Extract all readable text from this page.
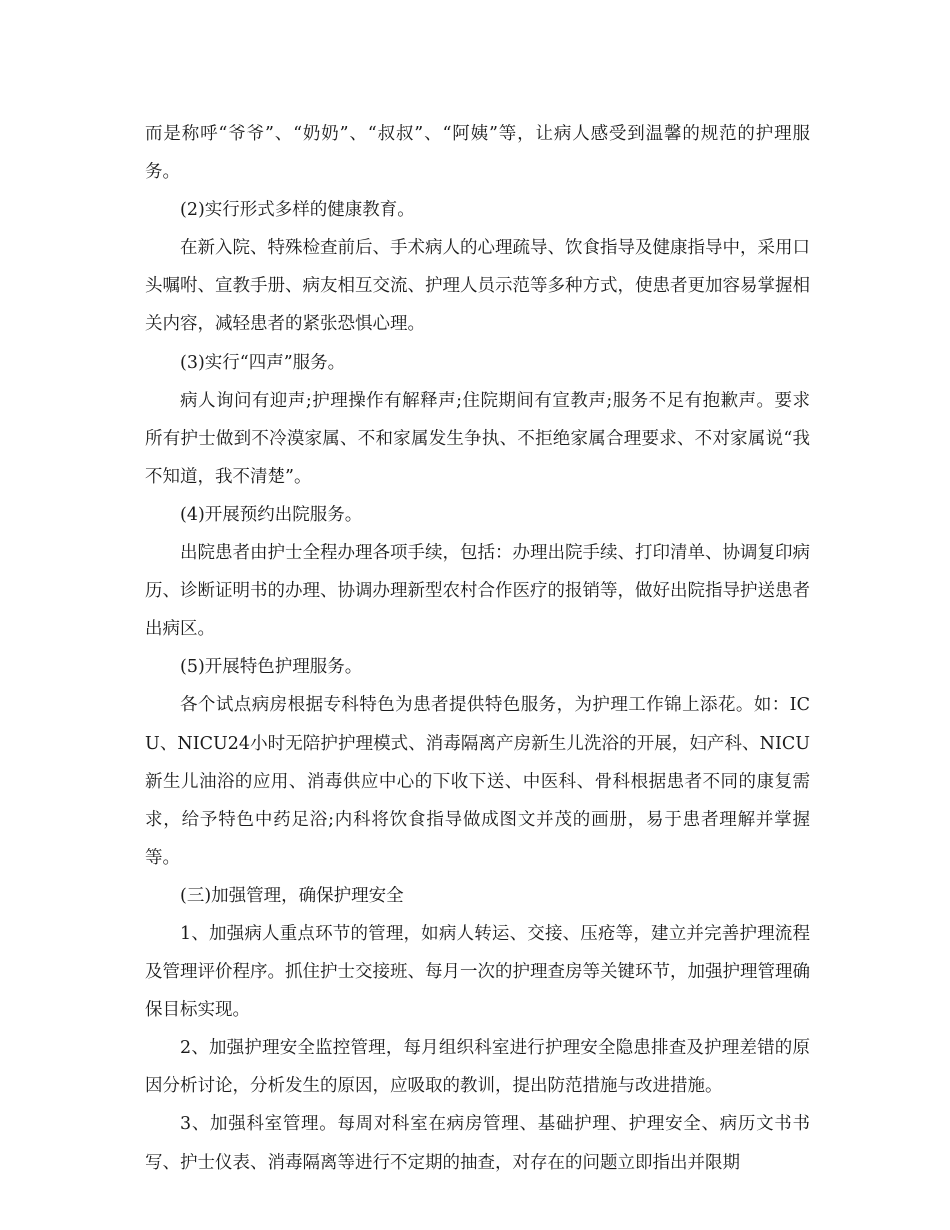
而是称呼“爷爷”、“奶奶”、“叔叔”、“阿姨”等，让病人感受到温馨的规范的护理服务。

(2)实行形式多样的健康教育。

在新入院、特殊检查前后、手术病人的心理疏导、饮食指导及健康指导中，采用口头嘱咐、宣教手册、病友相互交流、护理人员示范等多种方式，使患者更加容易掌握相关内容，减轻患者的紧张恐惧心理。

(3)实行“四声”服务。

病人询问有迎声;护理操作有解释声;住院期间有宣教声;服务不足有抱歉声。要求所有护士做到不冷漠家属、不和家属发生争执、不拒绝家属合理要求、不对家属说“我不知道，我不清楚”。

(4)开展预约出院服务。

出院患者由护士全程办理各项手续，包括：办理出院手续、打印清单、协调复印病历、诊断证明书的办理、协调办理新型农村合作医疗的报销等，做好出院指导护送患者出病区。

(5)开展特色护理服务。

各个试点病房根据专科特色为患者提供特色服务，为护理工作锦上添花。如：ICU、NICU24小时无陪护护理模式、消毒隔离产房新生儿洗浴的开展，妇产科、NICU新生儿油浴的应用、消毒供应中心的下收下送、中医科、骨科根据患者不同的康复需求，给予特色中药足浴;内科将饮食指导做成图文并茂的画册，易于患者理解并掌握等。

(三)加强管理，确保护理安全

1、加强病人重点环节的管理，如病人转运、交接、压疮等，建立并完善护理流程及管理评价程序。抓住护士交接班、每月一次的护理查房等关键环节，加强护理管理确保目标实现。

2、加强护理安全监控管理，每月组织科室进行护理安全隐患排查及护理差错的原因分析讨论，分析发生的原因，应吸取的教训，提出防范措施与改进措施。

3、加强科室管理。每周对科室在病房管理、基础护理、护理安全、病历文书书写、护士仪表、消毒隔离等进行不定期的抽查，对存在的问题立即指出并限期
